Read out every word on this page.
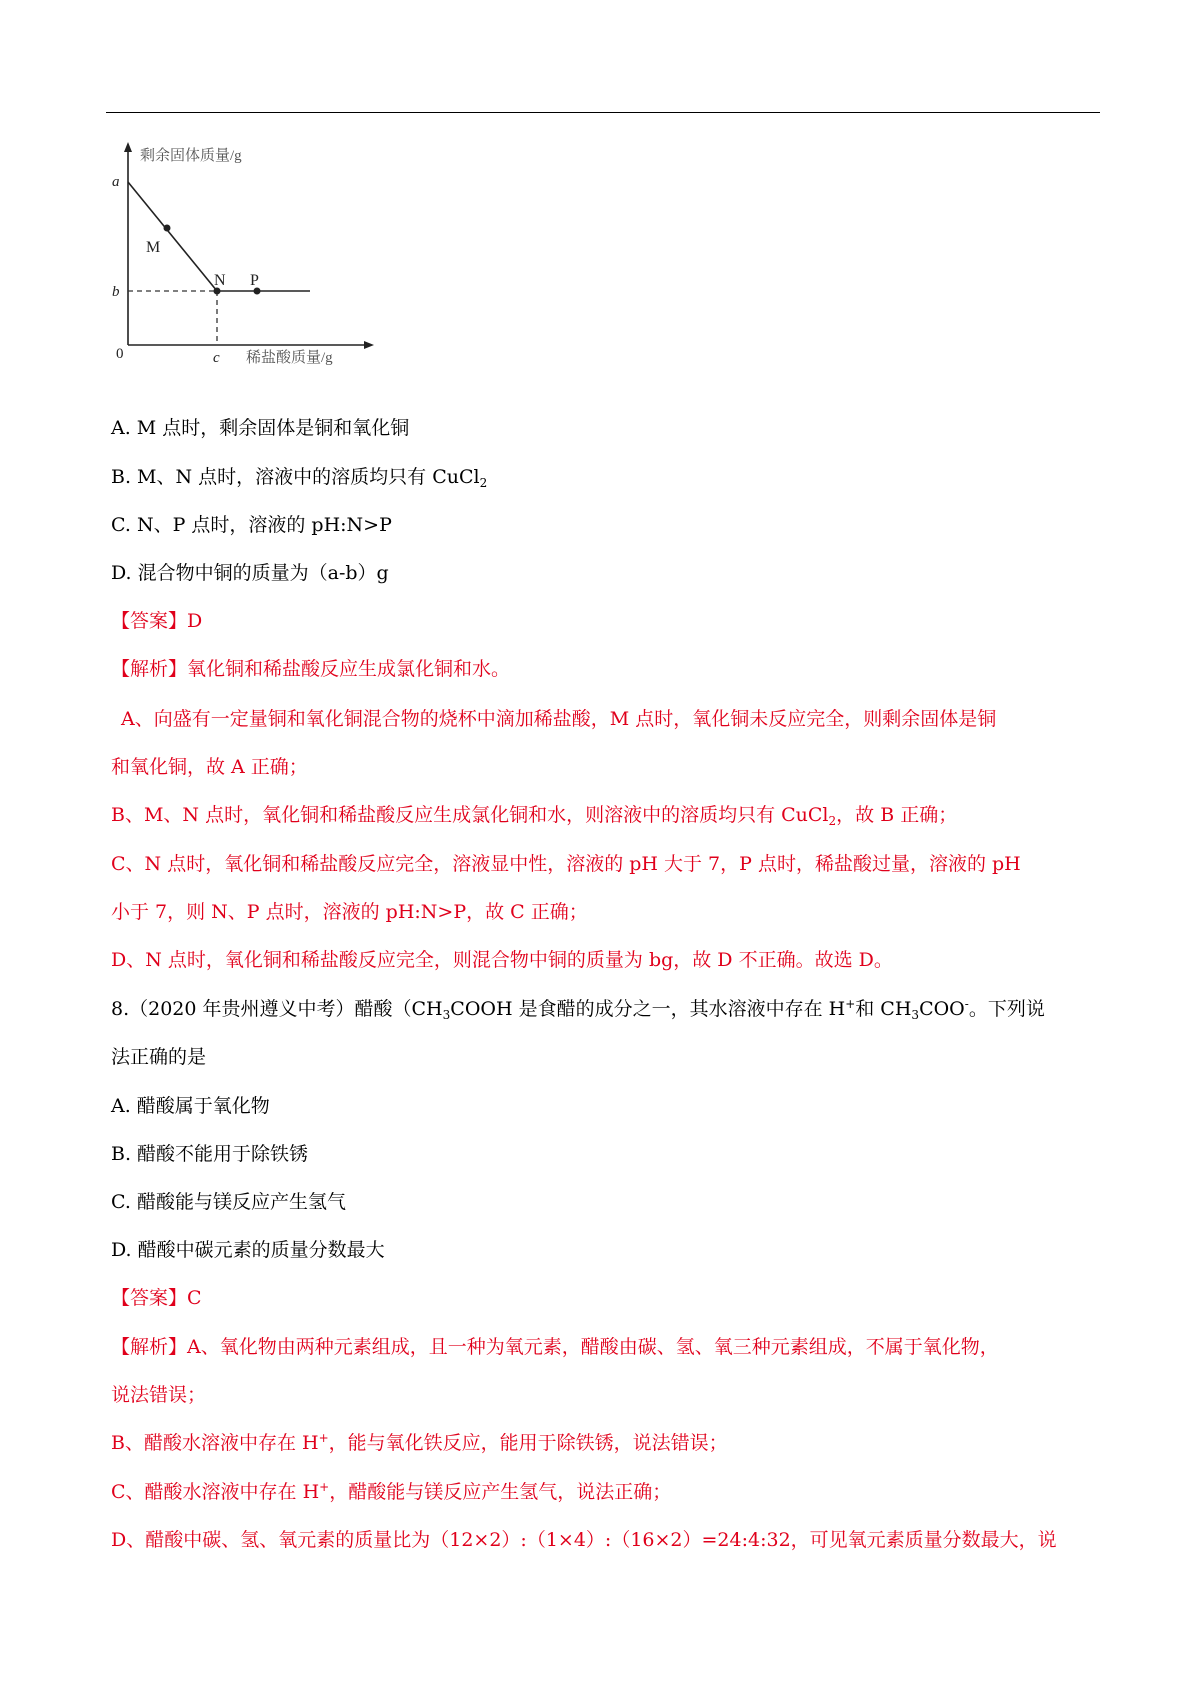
剩余固体质量/g
稀盐酸质量/g
a
b
c
0
M
N P
A. M 点时，剩余固体是铜和氧化铜
B. M、N 点时，溶液中的溶质均只有 CuCl$_2$
C. N、P 点时，溶液的 pH:N>P
D. 混合物中铜的质量为（a-b）g
【答案】D
【解析】氧化铜和稀盐酸反应生成氯化铜和水。
A、向盛有一定量铜和氧化铜混合物的烧杯中滴加稀盐酸，M 点时，氧化铜未反应完全，则剩余固体是铜
和氧化铜，故 A 正确；
B、M、N 点时，氧化铜和稀盐酸反应生成氯化铜和水，则溶液中的溶质均只有 CuCl$_2$，故 B 正确；
C、N 点时，氧化铜和稀盐酸反应完全，溶液显中性，溶液的 pH 大于 7，P 点时，稀盐酸过量，溶液的 pH
小于 7，则 N、P 点时，溶液的 pH:N>P，故 C 正确；
D、N 点时，氧化铜和稀盐酸反应完全，则混合物中铜的质量为 bg，故 D 不正确。故选 D。
8.（2020 年贵州遵义中考）醋酸（$CH_3COOH$ 是食醋的成分之一，其水溶液中存在 H+和 $CH_3COO^-$。下列说
法正确的是
A. 醋酸属于氧化物
B. 醋酸不能用于除铁锈
C. 醋酸能与镁反应产生氢气
D. 醋酸中碳元素的质量分数最大
【答案】C
【解析】A、氧化物由两种元素组成，且一种为氧元素，醋酸由碳、氢、氧三种元素组成，不属于氧化物，
说法错误；
B、醋酸水溶液中存在 H+，能与氧化铁反应，能用于除铁锈，说法错误；
C、醋酸水溶液中存在 H+，醋酸能与镁反应产生氢气，说法正确；
D、醋酸中碳、氢、氧元素的质量比为（12×2）:（1×4）:（16×2）=24:4:32，可见氧元素质量分数最大，说
